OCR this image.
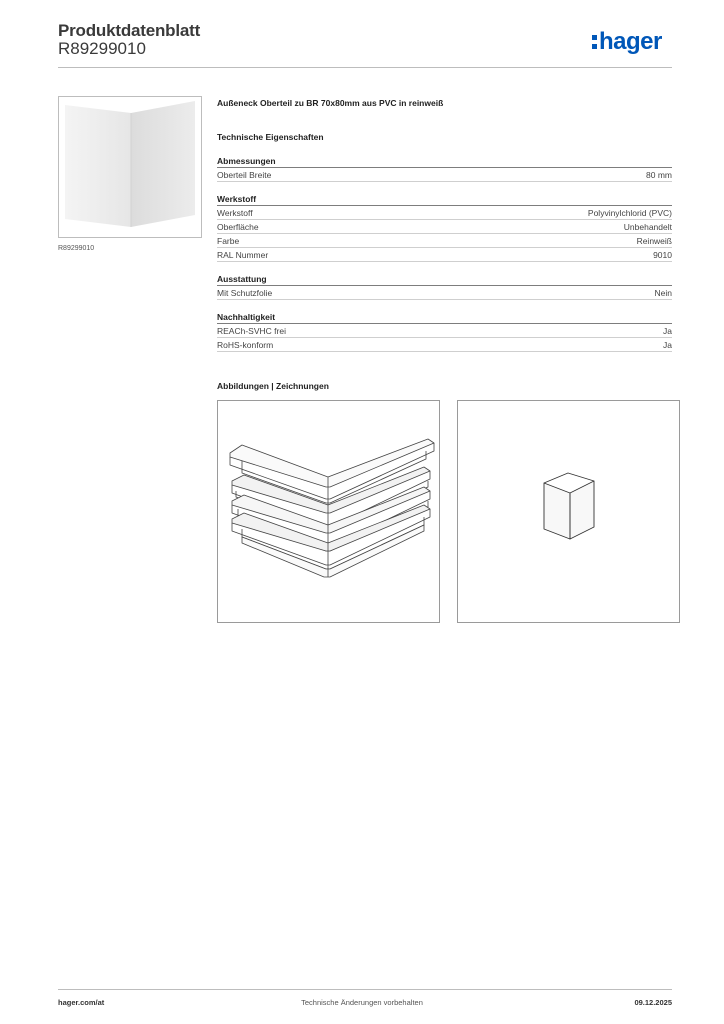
Produktdatenblatt
R89299010	hager
R89299010
Außeneck Oberteil zu BR 70x80mm aus PVC in reinweiß
Technische Eigenschaften
Abmessungen
Oberteil Breite	80 mm
Werkstoff
Werkstoff	Polyvinylchlorid (PVC)
Oberfläche	Unbehandelt
Farbe	Reinweiß
RAL Nummer	9010
Ausstattung
Mit Schutzfolie	Nein
Nachhaltigkeit
REACh-SVHC frei	Ja
RoHS-konform	Ja
Abbildungen | Zeichnungen
hager.com/at	Technische Änderungen vorbehalten	09.12.2025
